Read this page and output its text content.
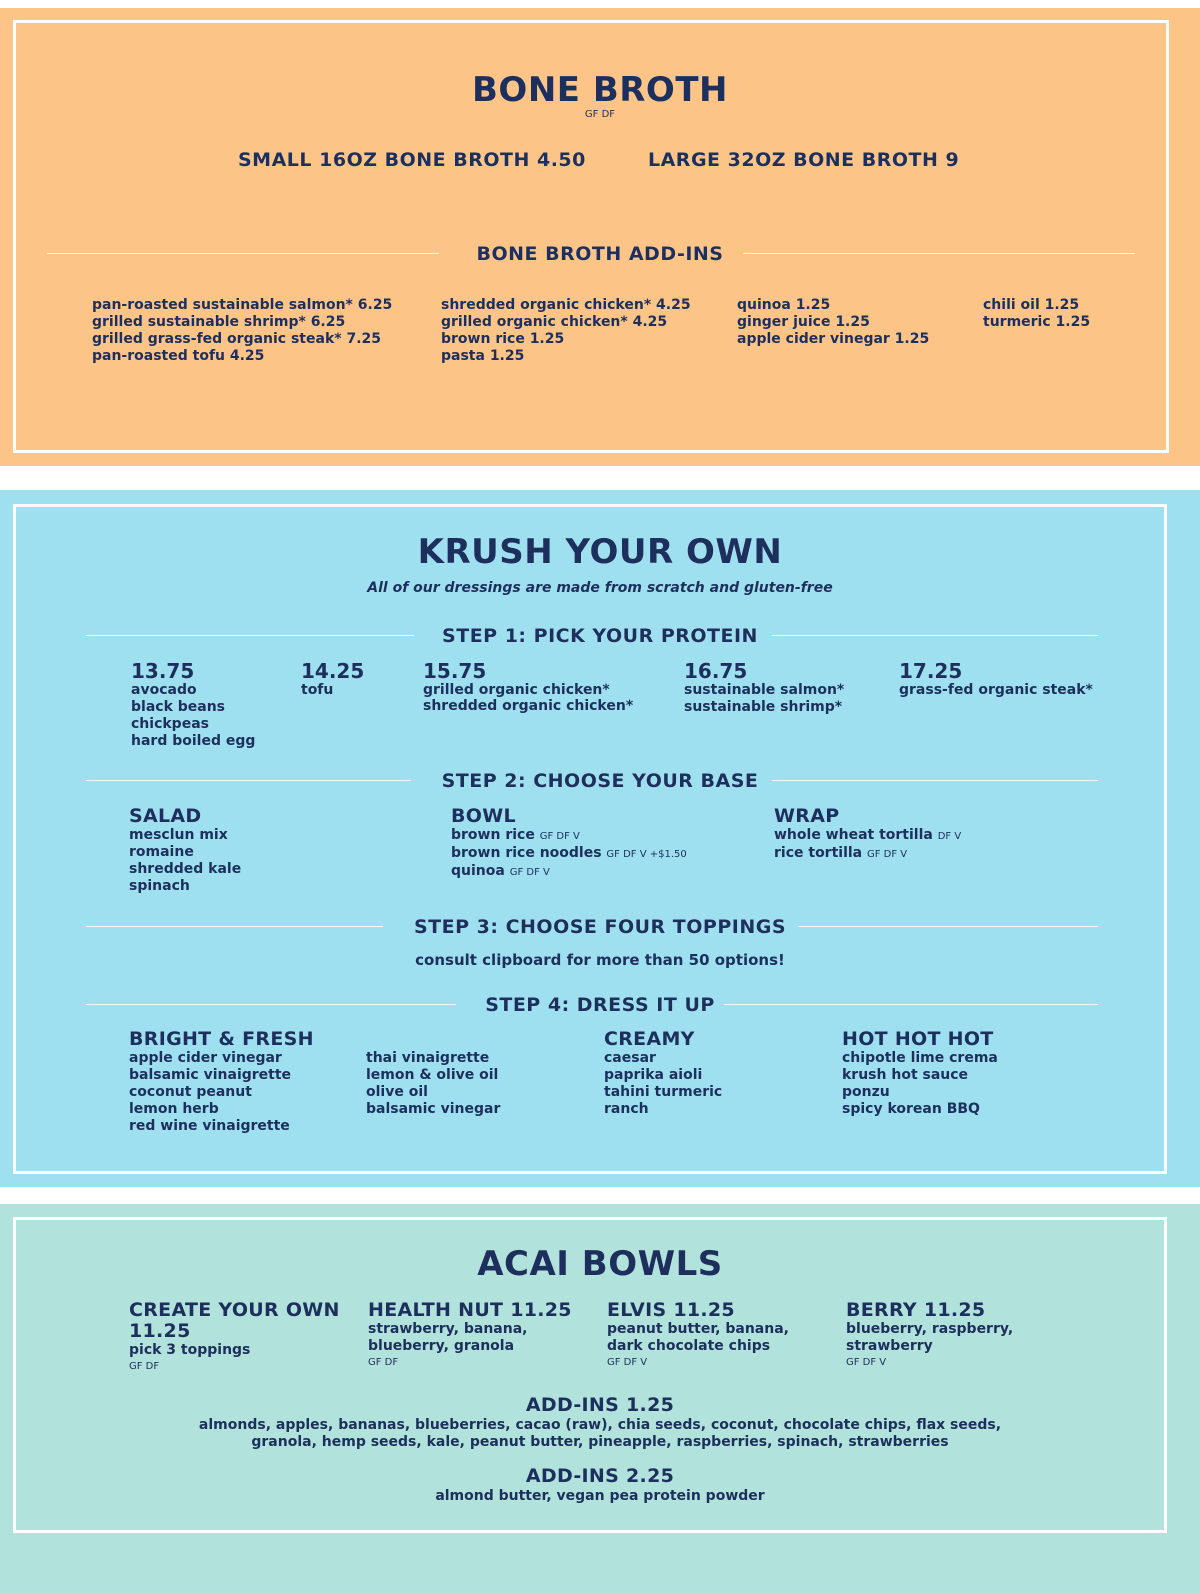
BONE BROTH
GF DF
SMALL 16OZ BONE BROTH 4.50	LARGE 32OZ BONE BROTH 9
BONE BROTH ADD-INS
pan-roasted sustainable salmon* 6.25
grilled sustainable shrimp* 6.25
grilled grass-fed organic steak* 7.25
pan-roasted tofu 4.25
shredded organic chicken* 4.25
grilled organic chicken* 4.25
brown rice 1.25
pasta 1.25
quinoa 1.25
ginger juice 1.25
apple cider vinegar 1.25
chili oil 1.25
turmeric 1.25
KRUSH YOUR OWN
All of our dressings are made from scratch and gluten-free
STEP 1: PICK YOUR PROTEIN
13.75
avocado
black beans
chickpeas
hard boiled egg
14.25
tofu
15.75
grilled organic chicken*
shredded organic chicken*
16.75
sustainable salmon*
sustainable shrimp*
17.25
grass-fed organic steak*
STEP 2: CHOOSE YOUR BASE
SALAD
mesclun mix
romaine
shredded kale
spinach
BOWL
brown rice GF DF V
brown rice noodles GF DF V +$1.50
quinoa GF DF V
WRAP
whole wheat tortilla DF V
rice tortilla GF DF V
STEP 3: CHOOSE FOUR TOPPINGS
consult clipboard for more than 50 options!
STEP 4: DRESS IT UP
BRIGHT & FRESH
apple cider vinegar
balsamic vinaigrette
coconut peanut
lemon herb
red wine vinaigrette
thai vinaigrette
lemon & olive oil
olive oil
balsamic vinegar
CREAMY
caesar
paprika aioli
tahini turmeric
ranch
HOT HOT HOT
chipotle lime crema
krush hot sauce
ponzu
spicy korean BBQ
ACAI BOWLS
CREATE YOUR OWN
11.25
pick 3 toppings
GF DF
HEALTH NUT 11.25
strawberry, banana,
blueberry, granola
GF DF
ELVIS 11.25
peanut butter, banana,
dark chocolate chips
GF DF V
BERRY 11.25
blueberry, raspberry,
strawberry
GF DF V
ADD-INS 1.25
almonds, apples, bananas, blueberries, cacao (raw), chia seeds, coconut, chocolate chips, flax seeds,
granola, hemp seeds, kale, peanut butter, pineapple, raspberries, spinach, strawberries
ADD-INS 2.25
almond butter, vegan pea protein powder
